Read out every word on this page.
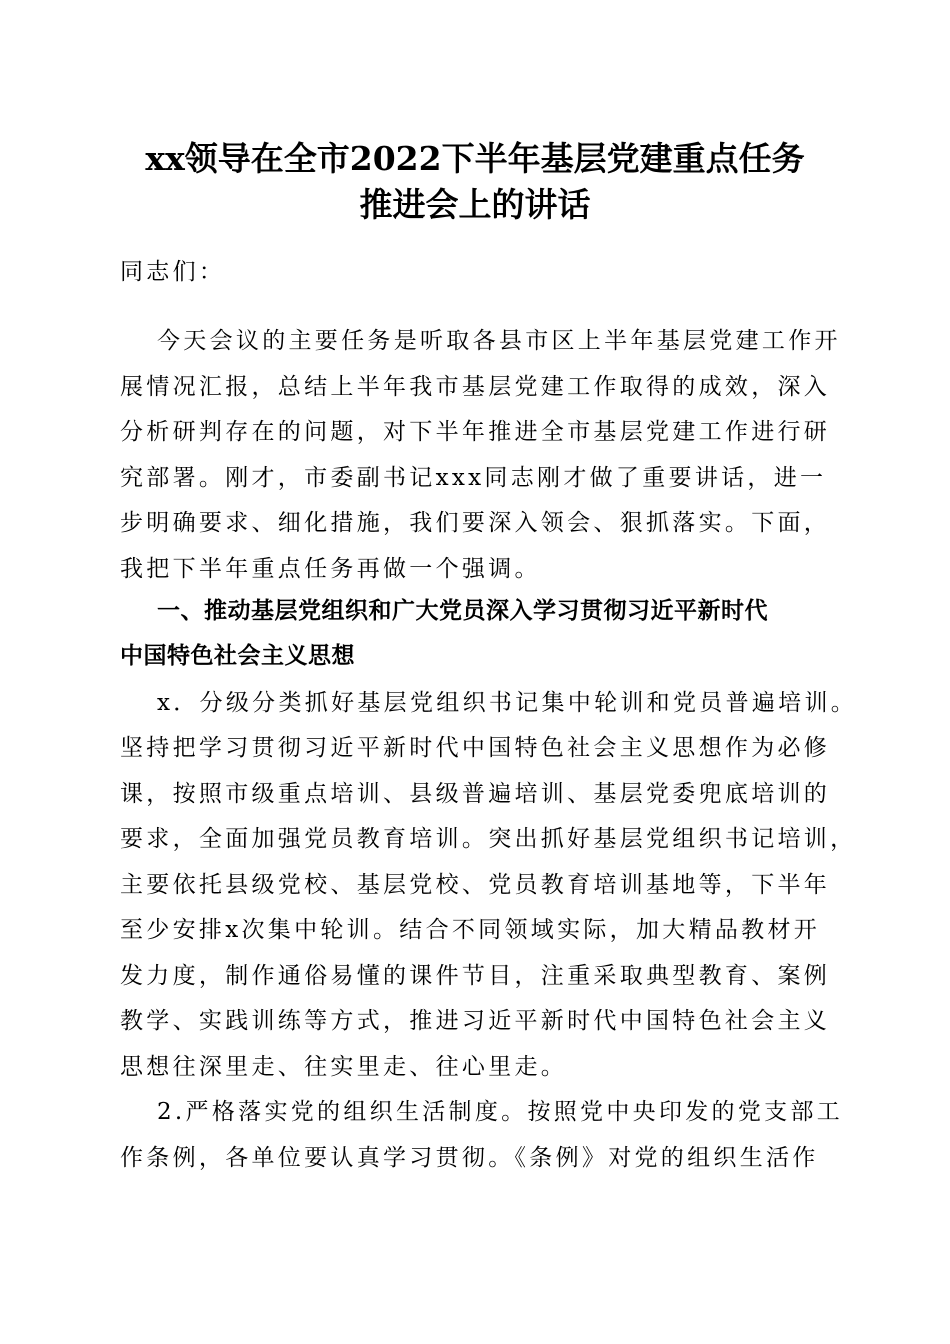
xx领导在全市2022下半年基层党建重点任务
推进会上的讲话
同志们：
今天会议的主要任务是听取各县市区上半年基层党建工作开
展情况汇报，总结上半年我市基层党建工作取得的成效，深入
分析研判存在的问题，对下半年推进全市基层党建工作进行研
究部署。刚才，市委副书记xxx同志刚才做了重要讲话，进一
步明确要求、细化措施，我们要深入领会、狠抓落实。下面，
我把下半年重点任务再做一个强调。
一、推动基层党组织和广大党员深入学习贯彻习近平新时代
中国特色社会主义思想
x．分级分类抓好基层党组织书记集中轮训和党员普遍培训。
坚持把学习贯彻习近平新时代中国特色社会主义思想作为必修
课，按照市级重点培训、县级普遍培训、基层党委兜底培训的
要求，全面加强党员教育培训。突出抓好基层党组织书记培训，
主要依托县级党校、基层党校、党员教育培训基地等，下半年
至少安排x次集中轮训。结合不同领域实际，加大精品教材开
发力度，制作通俗易懂的课件节目，注重采取典型教育、案例
教学、实践训练等方式，推进习近平新时代中国特色社会主义
思想往深里走、往实里走、往心里走。
2.严格落实党的组织生活制度。按照党中央印发的党支部工
作条例，各单位要认真学习贯彻。《条例》对党的组织生活作
